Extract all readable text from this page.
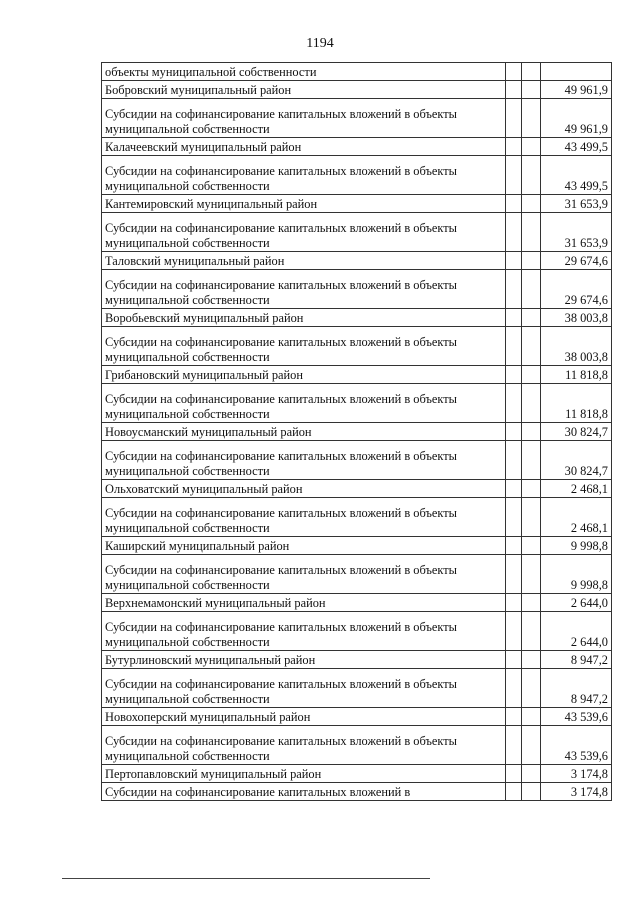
1194
объекты муниципальной собственности			
Бобровский муниципальный район			49 961,9
Субсидии на софинансирование капитальных вложений в объекты муниципальной собственности			49 961,9
Калачеевский муниципальный район			43 499,5
Субсидии на софинансирование капитальных вложений в объекты муниципальной собственности			43 499,5
Кантемировский муниципальный район			31 653,9
Субсидии на софинансирование капитальных вложений в объекты муниципальной собственности			31 653,9
Таловский муниципальный район			29 674,6
Субсидии на софинансирование капитальных вложений в объекты муниципальной собственности			29 674,6
Воробьевский муниципальный район			38 003,8
Субсидии на софинансирование капитальных вложений в объекты муниципальной собственности			38 003,8
Грибановский муниципальный район			11 818,8
Субсидии на софинансирование капитальных вложений в объекты муниципальной собственности			11 818,8
Новоусманский муниципальный район			30 824,7
Субсидии на софинансирование капитальных вложений в объекты муниципальной собственности			30 824,7
Ольховатский муниципальный район			2 468,1
Субсидии на софинансирование капитальных вложений в объекты муниципальной собственности			2 468,1
Каширский муниципальный район			9 998,8
Субсидии на софинансирование капитальных вложений в объекты муниципальной собственности			9 998,8
Верхнемамонский муниципальный район			2 644,0
Субсидии на софинансирование капитальных вложений в объекты муниципальной собственности			2 644,0
Бутурлиновский муниципальный район			8 947,2
Субсидии на софинансирование капитальных вложений в объекты муниципальной собственности			8 947,2
Новохоперский муниципальный район			43 539,6
Субсидии на софинансирование капитальных вложений в объекты муниципальной собственности			43 539,6
Пертопавловский муниципальный район			3 174,8
Субсидии на софинансирование капитальных вложений в			3 174,8
